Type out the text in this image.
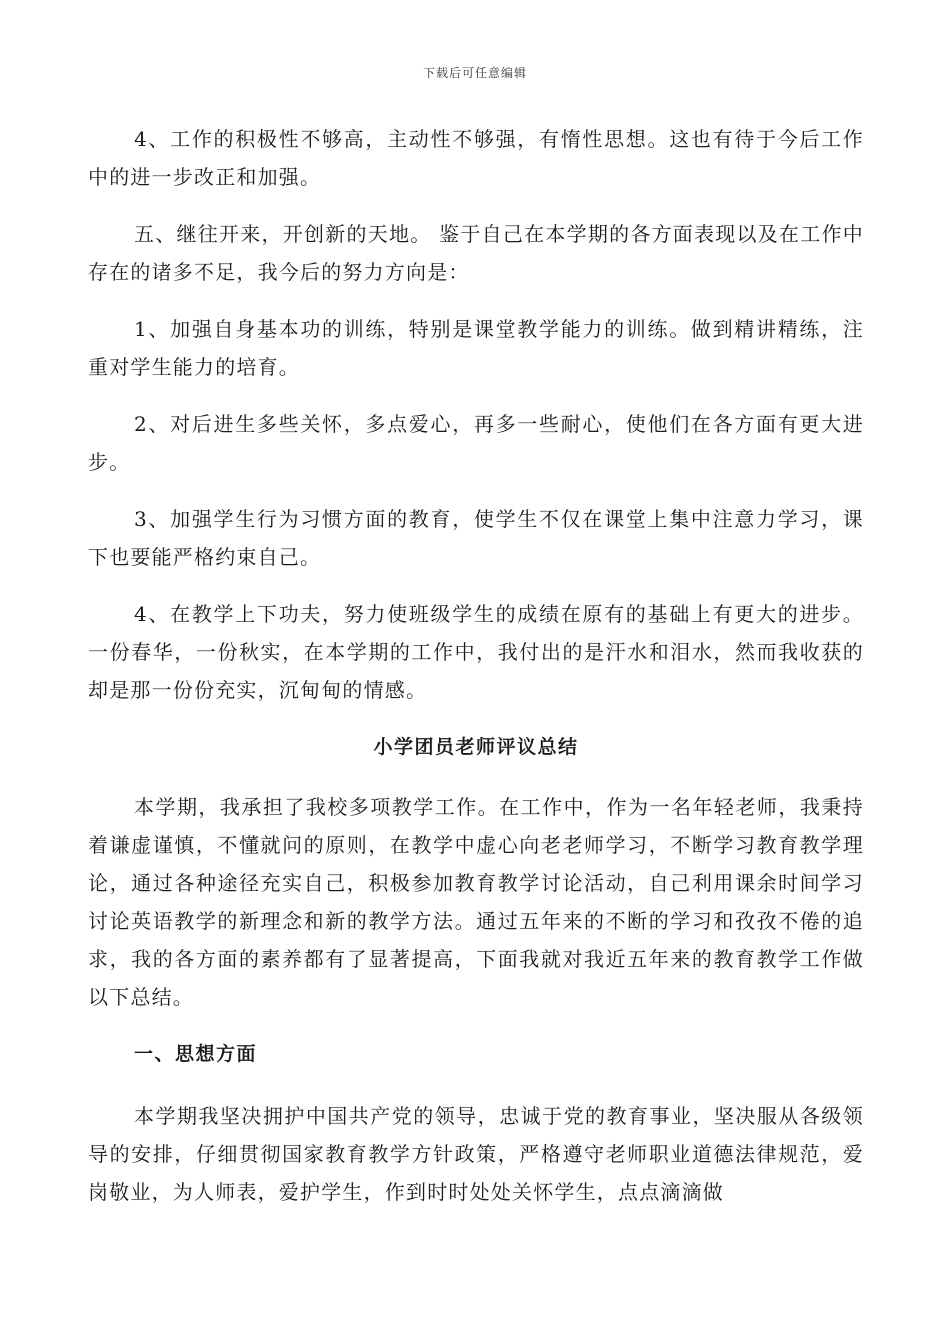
下载后可任意编辑

4、工作的积极性不够高，主动性不够强，有惰性思想。这也有待于今后工作中的进一步改正和加强。

五、继往开来，开创新的天地。 鉴于自己在本学期的各方面表现以及在工作中存在的诸多不足，我今后的努力方向是：

1、加强自身基本功的训练，特别是课堂教学能力的训练。做到精讲精练，注重对学生能力的培育。

2、对后进生多些关怀，多点爱心，再多一些耐心，使他们在各方面有更大进步。

3、加强学生行为习惯方面的教育，使学生不仅在课堂上集中注意力学习，课下也要能严格约束自己。

4、在教学上下功夫，努力使班级学生的成绩在原有的基础上有更大的进步。一份春华，一份秋实，在本学期的工作中，我付出的是汗水和泪水，然而我收获的却是那一份份充实，沉甸甸的情感。

小学团员老师评议总结

本学期，我承担了我校多项教学工作。在工作中，作为一名年轻老师，我秉持着谦虚谨慎，不懂就问的原则，在教学中虚心向老老师学习，不断学习教育教学理论，通过各种途径充实自己，积极参加教育教学讨论活动，自己利用课余时间学习讨论英语教学的新理念和新的教学方法。通过五年来的不断的学习和孜孜不倦的追求，我的各方面的素养都有了显著提高，下面我就对我近五年来的教育教学工作做以下总结。

一、思想方面

本学期我坚决拥护中国共产党的领导，忠诚于党的教育事业，坚决服从各级领导的安排，仔细贯彻国家教育教学方针政策，严格遵守老师职业道德法律规范，爱岗敬业，为人师表，爱护学生，作到时时处处关怀学生，点点滴滴做
